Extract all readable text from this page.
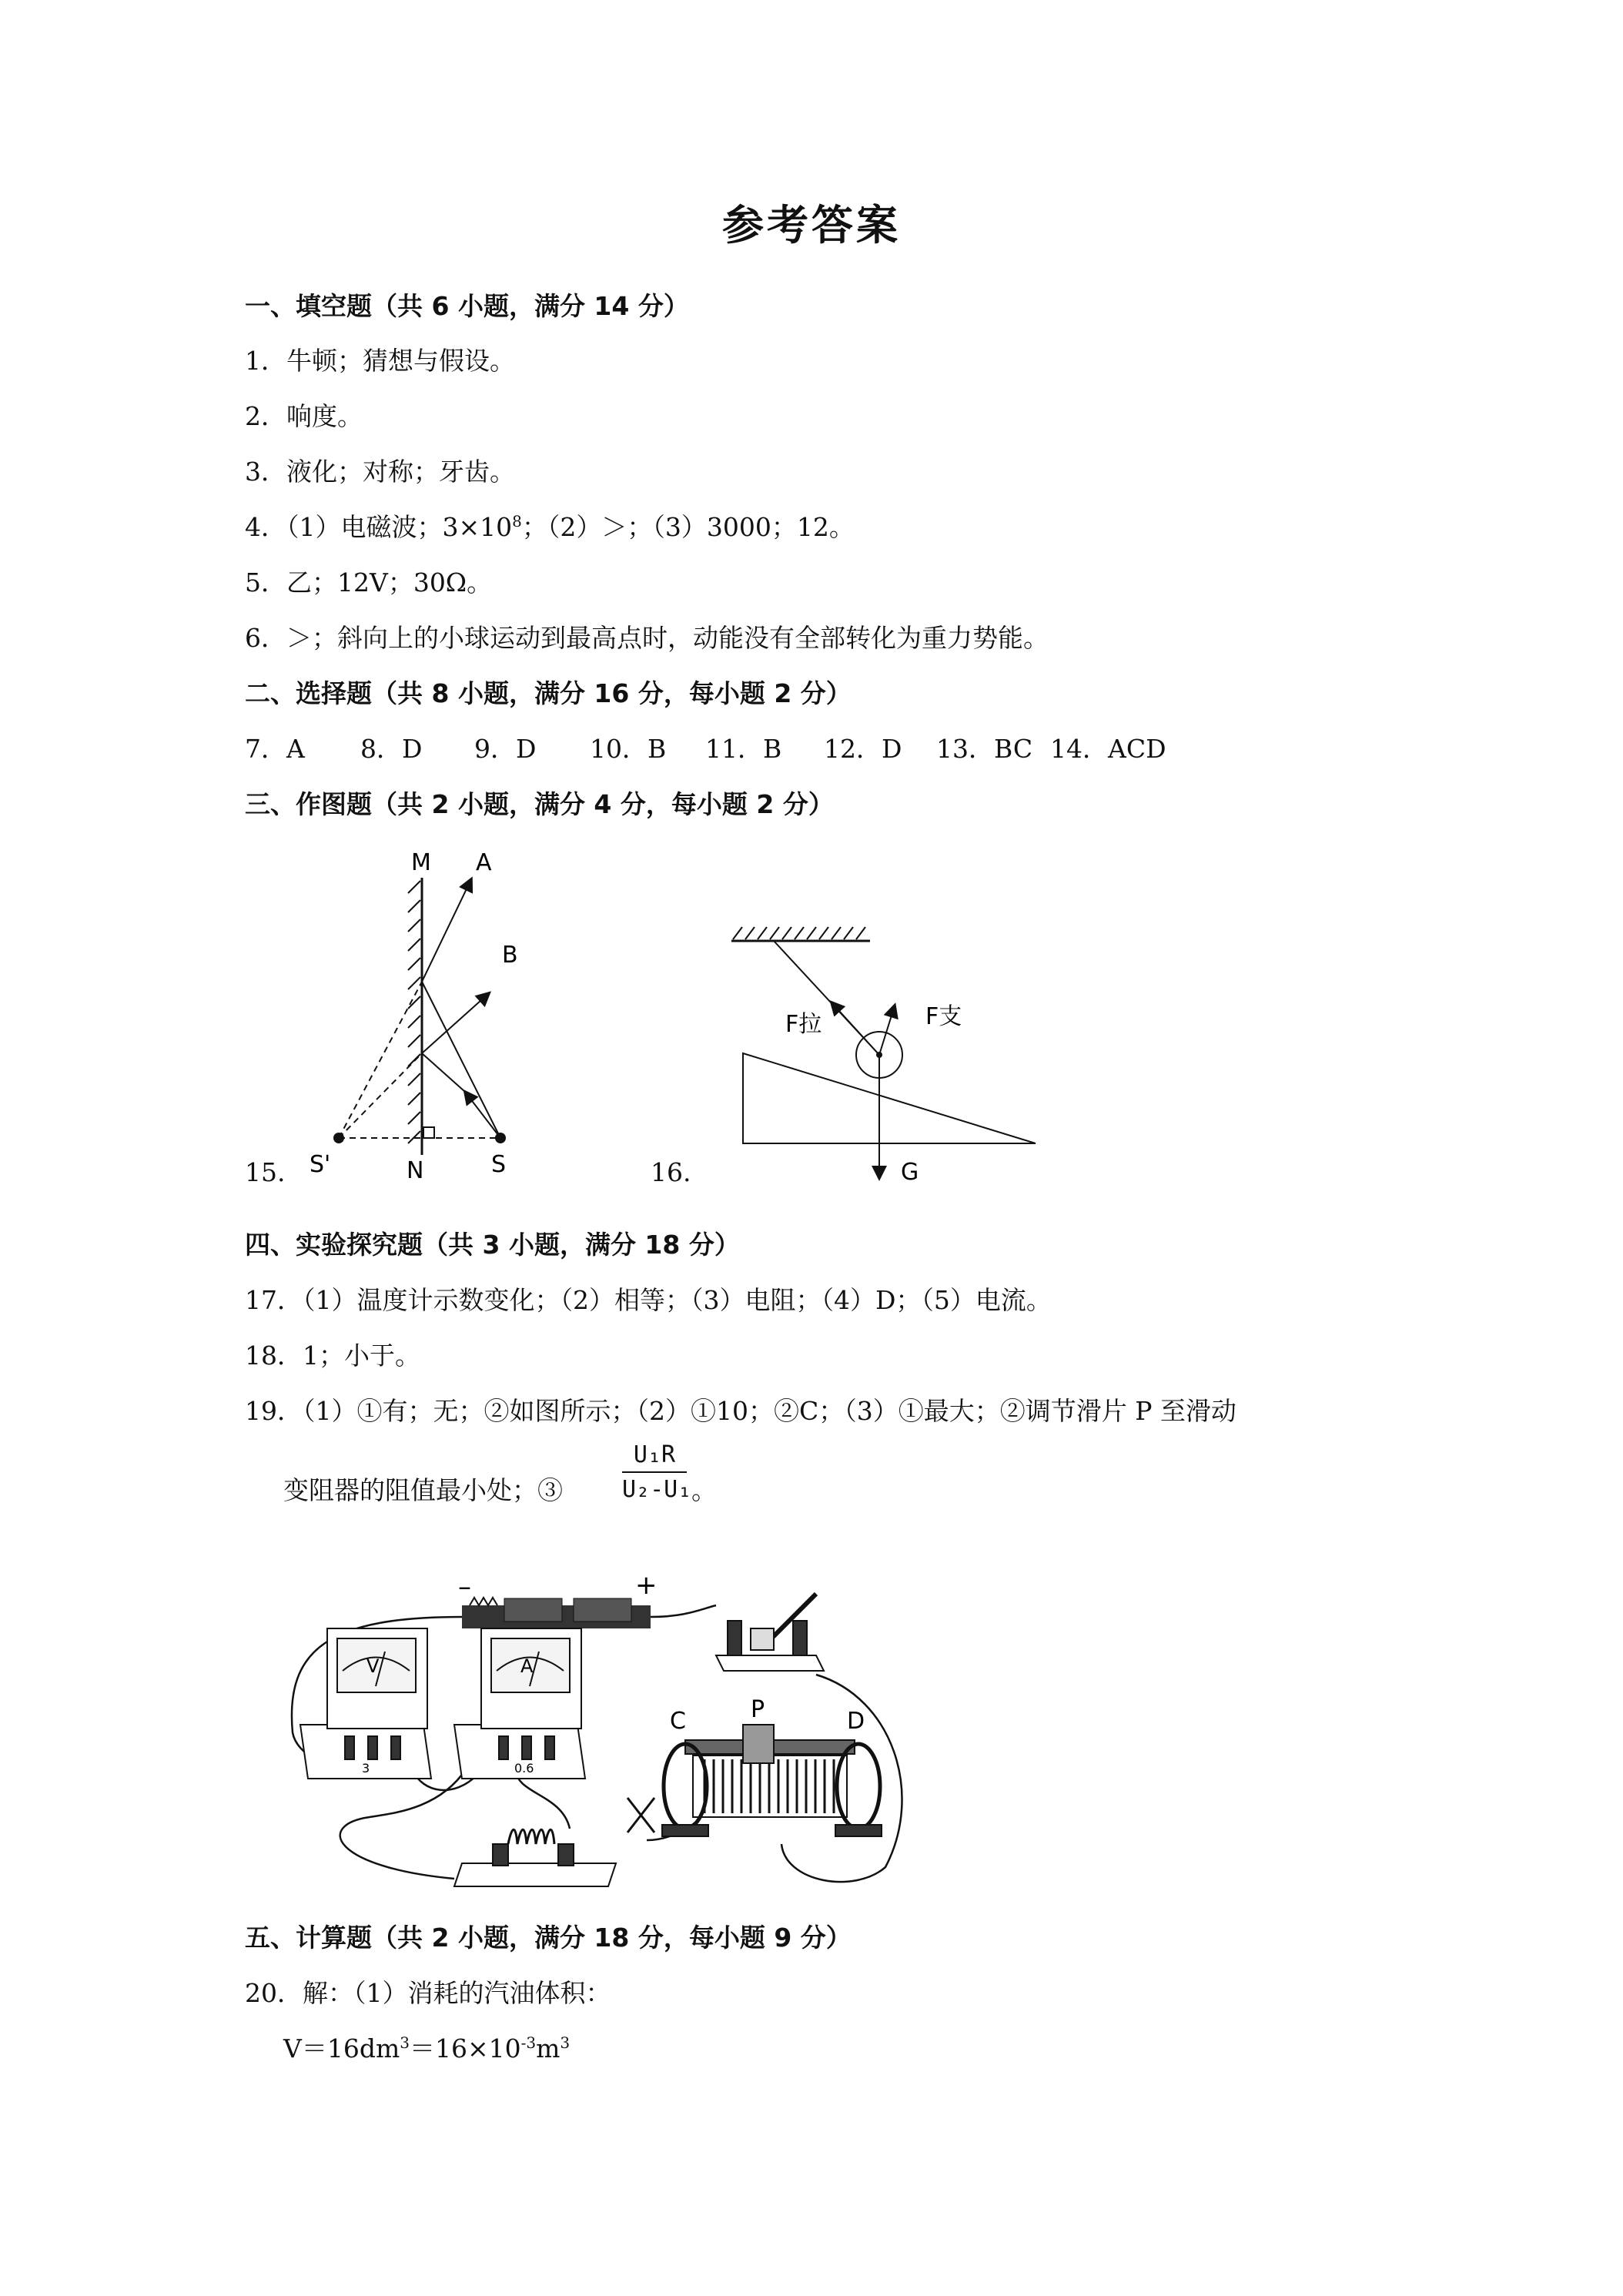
参考答案
一、填空题（共 6 小题，满分 14 分）
1．牛顿；猜想与假设。
2．响度。
3．液化；对称；牙齿。
4．（1）电磁波；$3\times 10^8$；（2）＞；（3）3000；12。
5．乙；12V；30Ω。
6．＞；斜向上的小球运动到最高点时，动能没有全部转化为重力势能。
二、选择题（共 8 小题，满分 16 分，每小题 2 分）
7．A 8．D 9．D 10．B 11．B 12．D 13．BC 14．ACD
三、作图题（共 2 小题，满分 4 分，每小题 2 分）
15.
M A
B
S'	N	S	16.
F拉	F支
G
四、实验探究题（共 3 小题，满分 18 分）
17．（1）温度计示数变化；（2）相等；（3）电阻；（4）D；（5）电流。
18．1；小于。
19．（1）①有；无；②如图所示；（2）①10；②C；（3）①最大；②调节滑片 P 至滑动
变阻器的阻值最小处；③	$\frac{\text{U₁R}}{\text{U₂-U₁}}$ 。
–	+
V
3
A
0.6
C	P	D
五、计算题（共 2 小题，满分 18 分，每小题 9 分）
20．解：（1）消耗的汽油体积：
$V=16dm^3=16\times 10^{-3}m^3$
